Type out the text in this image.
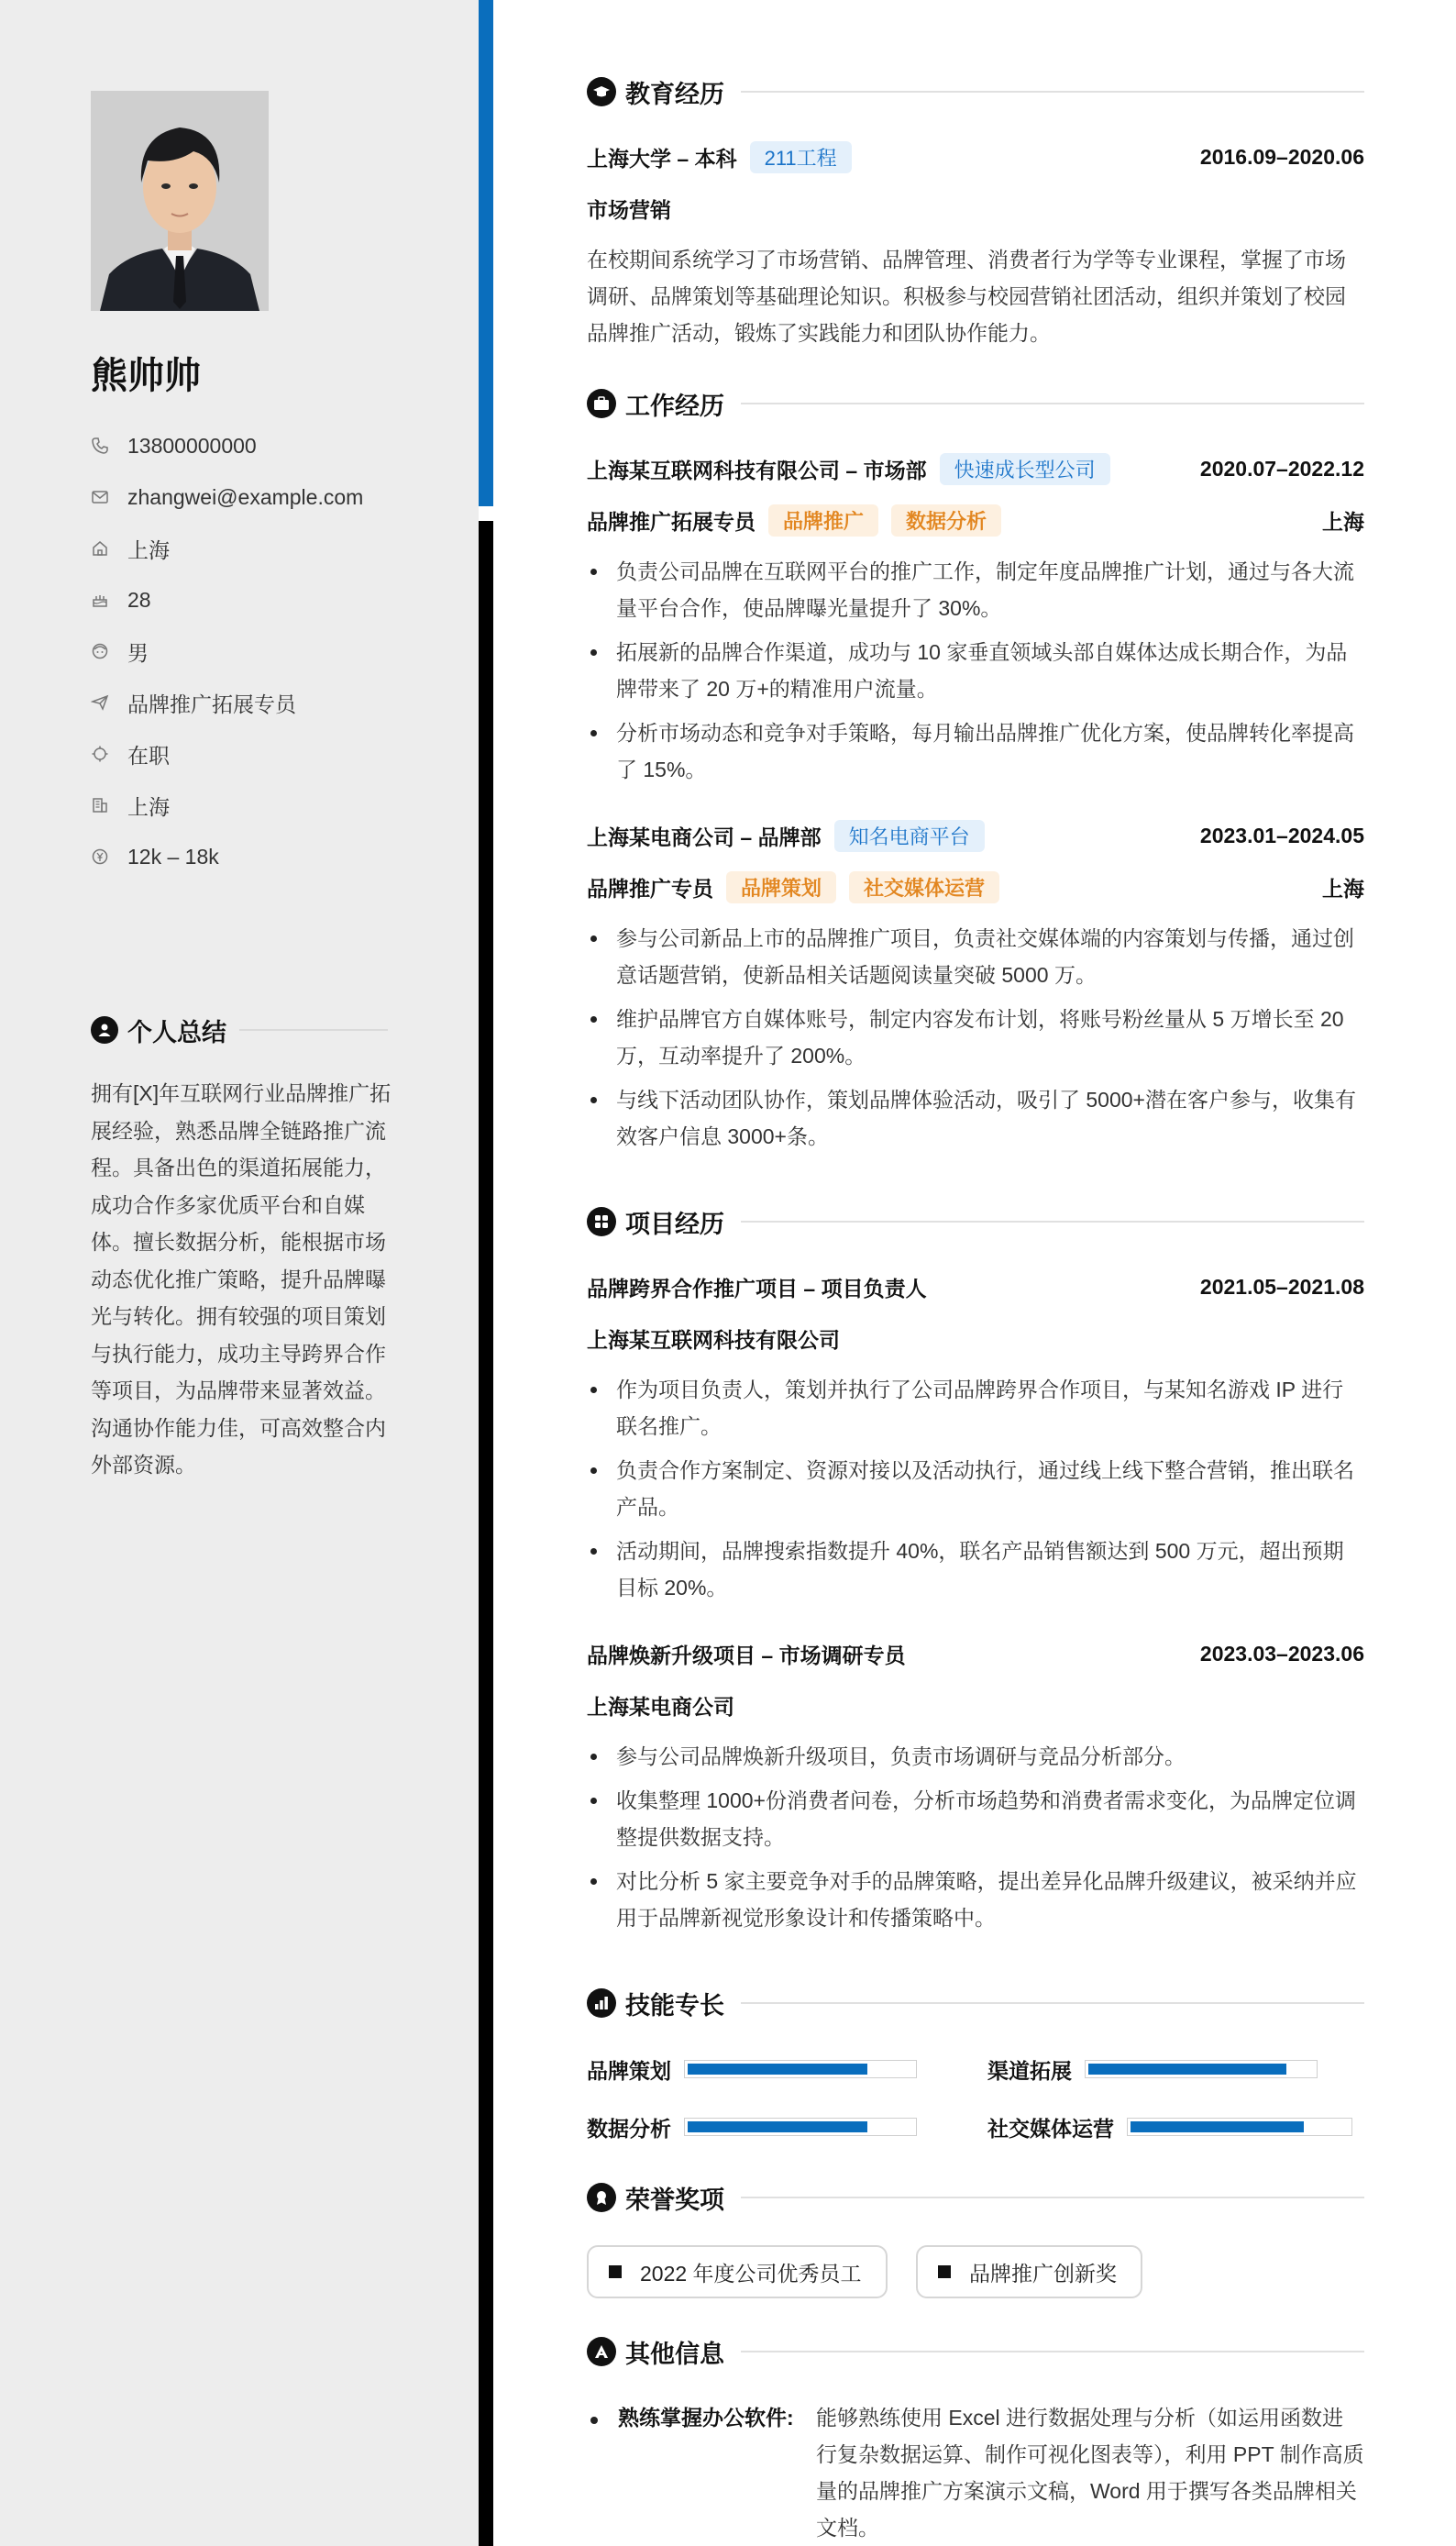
熊帅帅
13800000000
zhangwei@example.com
上海
28
男
品牌推广拓展专员
在职
上海
12k – 18k
个人总结
拥有[X]年互联网行业品牌推广拓展经验，熟悉品牌全链路推广流程。具备出色的渠道拓展能力，成功合作多家优质平台和自媒体。擅长数据分析，能根据市场动态优化推广策略，提升品牌曝光与转化。拥有较强的项目策划与执行能力，成功主导跨界合作等项目，为品牌带来显著效益。沟通协作能力佳，可高效整合内外部资源。
教育经历
上海大学 – 本科	211工程	2016.09–2020.06
市场营销
在校期间系统学习了市场营销、品牌管理、消费者行为学等专业课程，掌握了市场调研、品牌策划等基础理论知识。积极参与校园营销社团活动，组织并策划了校园品牌推广活动，锻炼了实践能力和团队协作能力。
工作经历
上海某互联网科技有限公司 – 市场部	快速成长型公司	2020.07–2022.12
品牌推广拓展专员	品牌推广	数据分析	上海
负责公司品牌在互联网平台的推广工作，制定年度品牌推广计划，通过与各大流量平台合作，使品牌曝光量提升了 30%。
拓展新的品牌合作渠道，成功与 10 家垂直领域头部自媒体达成长期合作，为品牌带来了 20 万+的精准用户流量。
分析市场动态和竞争对手策略，每月输出品牌推广优化方案，使品牌转化率提高了 15%。
上海某电商公司 – 品牌部	知名电商平台	2023.01–2024.05
品牌推广专员	品牌策划	社交媒体运营	上海
参与公司新品上市的品牌推广项目，负责社交媒体端的内容策划与传播，通过创意话题营销，使新品相关话题阅读量突破 5000 万。
维护品牌官方自媒体账号，制定内容发布计划，将账号粉丝量从 5 万增长至 20 万，互动率提升了 200%。
与线下活动团队协作，策划品牌体验活动，吸引了 5000+潜在客户参与，收集有效客户信息 3000+条。
项目经历
品牌跨界合作推广项目 – 项目负责人	2021.05–2021.08
上海某互联网科技有限公司
作为项目负责人，策划并执行了公司品牌跨界合作项目，与某知名游戏 IP 进行联名推广。
负责合作方案制定、资源对接以及活动执行，通过线上线下整合营销，推出联名产品。
活动期间，品牌搜索指数提升 40%，联名产品销售额达到 500 万元，超出预期目标 20%。
品牌焕新升级项目 – 市场调研专员	2023.03–2023.06
上海某电商公司
参与公司品牌焕新升级项目，负责市场调研与竞品分析部分。
收集整理 1000+份消费者问卷，分析市场趋势和消费者需求变化，为品牌定位调整提供数据支持。
对比分析 5 家主要竞争对手的品牌策略，提出差异化品牌升级建议，被采纳并应用于品牌新视觉形象设计和传播策略中。
技能专长
品牌策划	渠道拓展
数据分析	社交媒体运营
荣誉奖项
2022 年度公司优秀员工	品牌推广创新奖
其他信息
熟练掌握办公软件: 能够熟练使用 Excel 进行数据处理与分析（如运用函数进行复杂数据运算、制作可视化图表等），利用 PPT 制作高质量的品牌推广方案演示文稿，Word 用于撰写各类品牌相关文档。
